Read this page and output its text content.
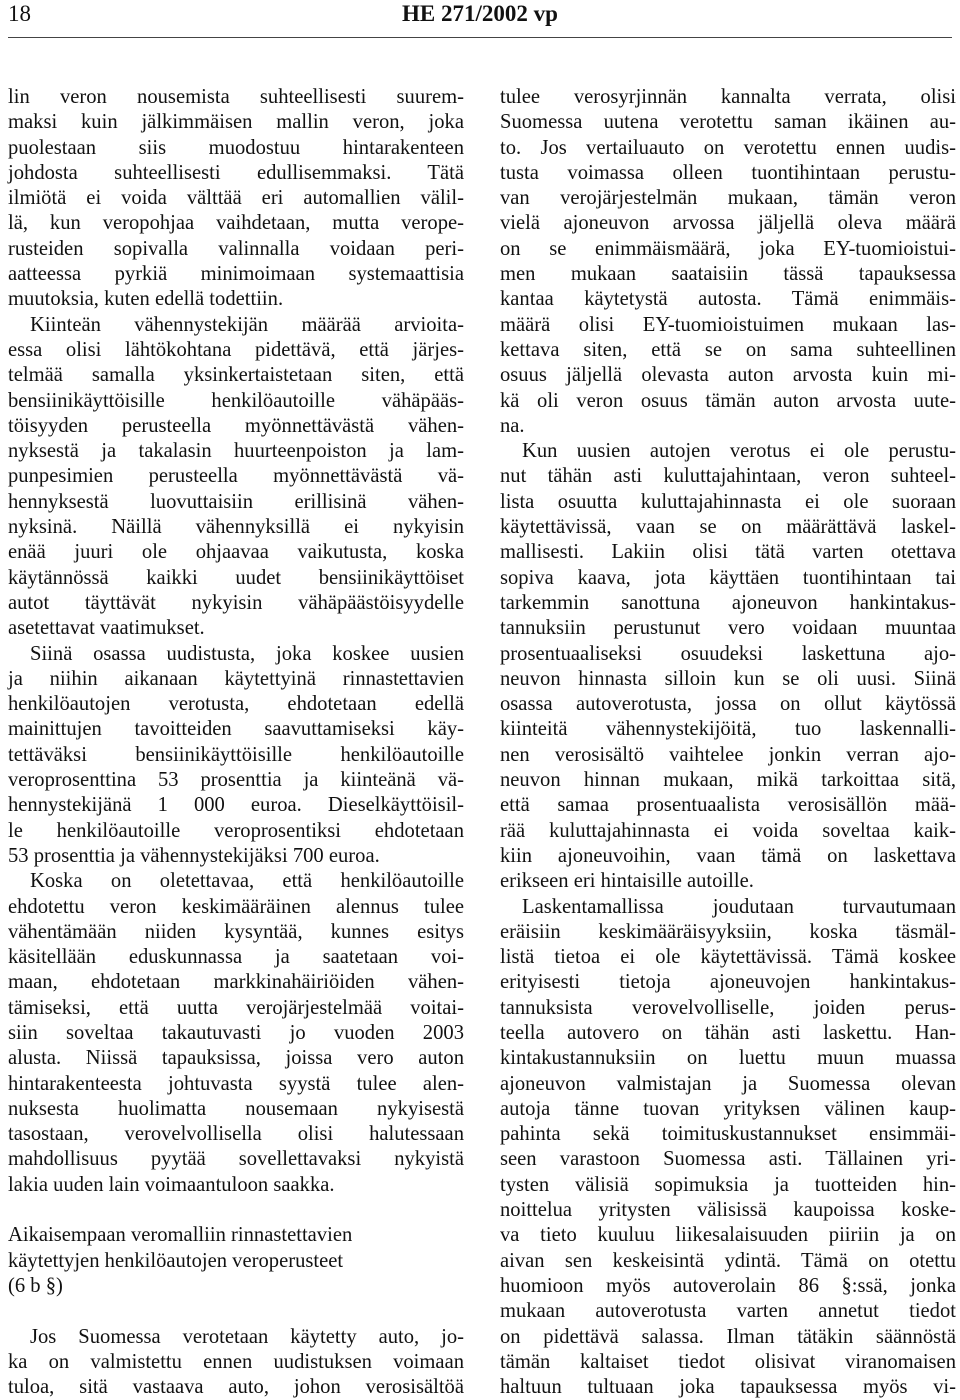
18	HE 271/2002 vp
lin veron nousemista suhteellisesti suurem-
maksi kuin jälkimmäisen mallin veron, joka
puolestaan siis muodostuu hintarakenteen
johdosta suhteellisesti edullisemmaksi. Tätä
ilmiötä ei voida välttää eri automallien välil-
lä, kun veropohjaa vaihdetaan, mutta verope-
rusteiden sopivalla valinnalla voidaan peri-
aatteessa pyrkiä minimoimaan systemaattisia
muutoksia, kuten edellä todettiin.
Kiinteän vähennystekijän määrää arvioita-
essa olisi lähtökohtana pidettävä, että järjes-
telmää samalla yksinkertaistetaan siten, että
bensiinikäyttöisille henkilöautoille vähäpääs-
töisyyden perusteella myönnettävästä vähen-
nyksestä ja takalasin huurteenpoiston ja lam-
punpesimien perusteella myönnettävästä vä-
hennyksestä luovuttaisiin erillisinä vähen-
nyksinä. Näillä vähennyksillä ei nykyisin
enää juuri ole ohjaavaa vaikutusta, koska
käytännössä kaikki uudet bensiinikäyttöiset
autot täyttävät nykyisin vähäpäästöisyydelle
asetettavat vaatimukset.
Siinä osassa uudistusta, joka koskee uusien
ja niihin aikanaan käytettyinä rinnastettavien
henkilöautojen verotusta, ehdotetaan edellä
mainittujen tavoitteiden saavuttamiseksi käy-
tettäväksi bensiinikäyttöisille henkilöautoille
veroprosenttina 53 prosenttia ja kiinteänä vä-
hennystekijänä 1 000 euroa. Dieselkäyttöisil-
le henkilöautoille veroprosentiksi ehdotetaan
53 prosenttia ja vähennystekijäksi 700 euroa.
Koska on oletettavaa, että henkilöautoille
ehdotettu veron keskimääräinen alennus tulee
vähentämään niiden kysyntää, kunnes esitys
käsitellään eduskunnassa ja saatetaan voi-
maan, ehdotetaan markkinahäiriöiden vähen-
tämiseksi, että uutta verojärjestelmää voitai-
siin soveltaa takautuvasti jo vuoden 2003
alusta. Niissä tapauksissa, joissa vero auton
hintarakenteesta johtuvasta syystä tulee alen-
nuksesta huolimatta nousemaan nykyisestä
tasostaan, verovelvollisella olisi halutessaan
mahdollisuus pyytää sovellettavaksi nykyistä
lakia uuden lain voimaantuloon saakka.
Aikaisempaan veromalliin rinnastettavien
käytettyjen henkilöautojen veroperusteet
(6 b §)
Jos Suomessa verotetaan käytetty auto, jo-
ka on valmistettu ennen uudistuksen voimaan
tuloa, sitä vastaava auto, johon verosisältöä
tulee verosyrjinnän kannalta verrata, olisi
Suomessa uutena verotettu saman ikäinen au-
to. Jos vertailuauto on verotettu ennen uudis-
tusta voimassa olleen tuontihintaan perustu-
van verojärjestelmän mukaan, tämän veron
vielä ajoneuvon arvossa jäljellä oleva määrä
on se enimmäismäärä, joka EY-tuomioistui-
men mukaan saataisiin tässä tapauksessa
kantaa käytetystä autosta. Tämä enimmäis-
määrä olisi EY-tuomioistuimen mukaan las-
kettava siten, että se on sama suhteellinen
osuus jäljellä olevasta auton arvosta kuin mi-
kä oli veron osuus tämän auton arvosta uute-
na.
Kun uusien autojen verotus ei ole perustu-
nut tähän asti kuluttajahintaan, veron suhteel-
lista osuutta kuluttajahinnasta ei ole suoraan
käytettävissä, vaan se on määrättävä laskel-
mallisesti. Lakiin olisi tätä varten otettava
sopiva kaava, jota käyttäen tuontihintaan tai
tarkemmin sanottuna ajoneuvon hankintakus-
tannuksiin perustunut vero voidaan muuntaa
prosentuaaliseksi osuudeksi laskettuna ajo-
neuvon hinnasta silloin kun se oli uusi. Siinä
osassa autoverotusta, jossa on ollut käytössä
kiinteitä vähennystekijöitä, tuo laskennalli-
nen verosisältö vaihtelee jonkin verran ajo-
neuvon hinnan mukaan, mikä tarkoittaa sitä,
että samaa prosentuaalista verosisällön mää-
rää kuluttajahinnasta ei voida soveltaa kaik-
kiin ajoneuvoihin, vaan tämä on laskettava
erikseen eri hintaisille autoille.
Laskentamallissa joudutaan turvautumaan
eräisiin keskimääräisyyksiin, koska täsmäl-
listä tietoa ei ole käytettävissä. Tämä koskee
erityisesti tietoja ajoneuvojen hankintakus-
tannuksista verovelvolliselle, joiden perus-
teella autovero on tähän asti laskettu. Han-
kintakustannuksiin on luettu muun muassa
ajoneuvon valmistajan ja Suomessa olevan
autoja tänne tuovan yrityksen välinen kaup-
pahinta sekä toimituskustannukset ensimmäi-
seen varastoon Suomessa asti. Tällainen yri-
tysten välisiä sopimuksia ja tuotteiden hin-
noittelua yritysten välisissä kaupoissa koske-
va tieto kuuluu liikesalaisuuden piiriin ja on
aivan sen keskeisintä ydintä. Tämä on otettu
huomioon myös autoverolain 86 §:ssä, jonka
mukaan autoverotusta varten annetut tiedot
on pidettävä salassa. Ilman tätäkin säännöstä
tämän kaltaiset tiedot olisivat viranomaisen
haltuun tultuaan joka tapauksessa myös vi-
